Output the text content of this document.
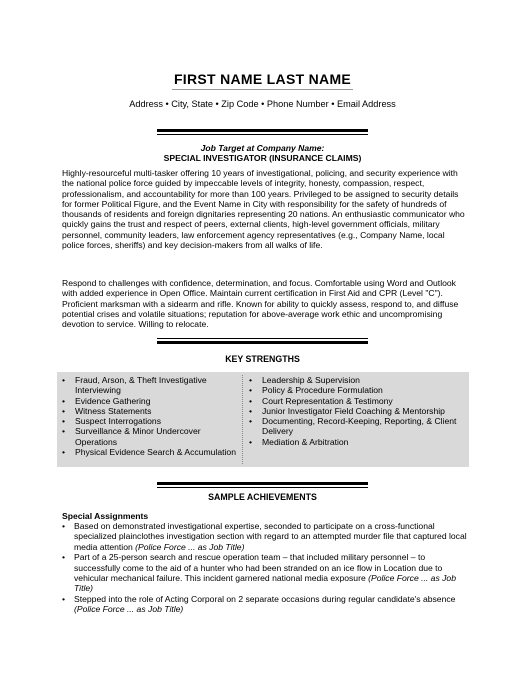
FIRST NAME LAST NAME
Address • City, State • Zip Code • Phone Number • Email Address
Job Target at Company Name:
SPECIAL INVESTIGATOR (INSURANCE CLAIMS)

Highly-resourceful multi-tasker offering 10 years of investigational, policing, and security experience with the national police force guided by impeccable levels of integrity, honesty, compassion, respect, professionalism, and accountability for more than 100 years. Privileged to be assigned to security details for former Political Figure, and the Event Name in City with responsibility for the safety of hundreds of thousands of residents and foreign dignitaries representing 20 nations. An enthusiastic communicator who quickly gains the trust and respect of peers, external clients, high-level government officials, military personnel, community leaders, law enforcement agency representatives (e.g., Company Name, local police forces, sheriffs) and key decision-makers from all walks of life.

Respond to challenges with confidence, determination, and focus. Comfortable using Word and Outlook with added experience in Open Office. Maintain current certification in First Aid and CPR (Level "C"). Proficient marksman with a sidearm and rifle. Known for ability to quickly assess, respond to, and diffuse potential crises and volatile situations; reputation for above-average work ethic and uncompromising devotion to service. Willing to relocate.

KEY STRENGTHS
• Fraud, Arson, & Theft Investigative Interviewing
• Evidence Gathering
• Witness Statements
• Suspect Interrogations
• Surveillance & Minor Undercover Operations
• Physical Evidence Search & Accumulation
• Leadership & Supervision
• Policy & Procedure Formulation
• Court Representation & Testimony
• Junior Investigator Field Coaching & Mentorship
• Documenting, Record-Keeping, Reporting, & Client Delivery
• Mediation & Arbitration
SAMPLE ACHIEVEMENTS
Special Assignments
• Based on demonstrated investigational expertise, seconded to participate on a cross-functional specialized plainclothes investigation section with regard to an attempted murder file that captured local media attention (Police Force ... as Job Title)
• Part of a 25-person search and rescue operation team – that included military personnel – to successfully come to the aid of a hunter who had been stranded on an ice flow in Location due to vehicular mechanical failure. This incident garnered national media exposure (Police Force ... as Job Title)
• Stepped into the role of Acting Corporal on 2 separate occasions during regular candidate's absence (Police Force ... as Job Title)
